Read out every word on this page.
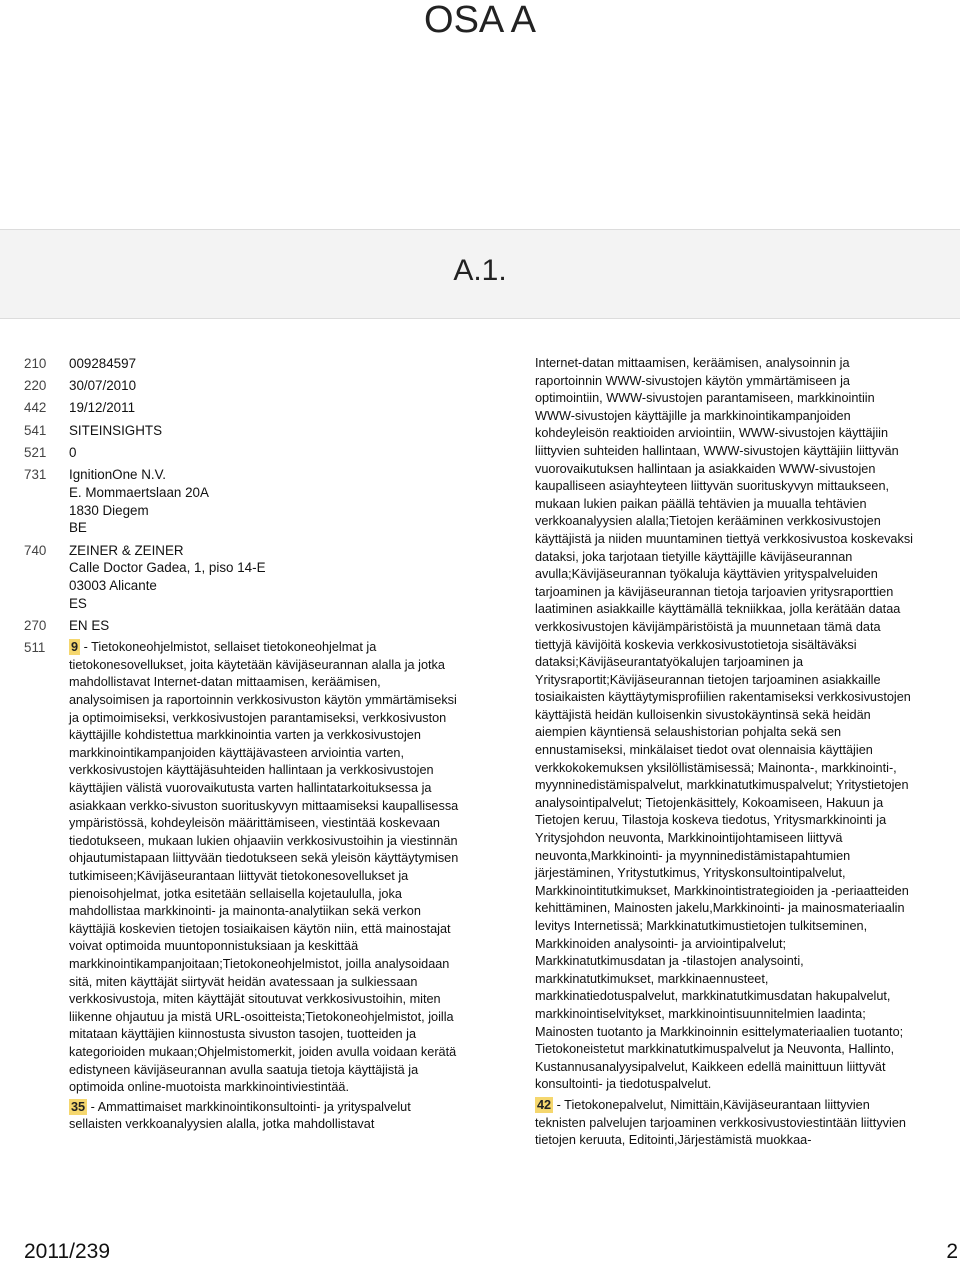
OSA A
A.1.
210	009284597
220	30/07/2010
442	19/12/2011
541	SITEINSIGHTS
521	0
731	IgnitionOne N.V.
E. Mommaertslaan 20A
1830 Diegem
BE
740	ZEINER & ZEINER
Calle Doctor Gadea, 1, piso 14-E
03003 Alicante
ES
270	EN ES
511	9 - Tietokoneohjelmistot, sellaiset tietokoneohjelmat ja tietokonesovellukset, joita käytetään kävijäseurannan alalla ja jotka mahdollistavat Internet-datan mittaamisen, keräämisen, analysoimisen ja raportoinnin verkkosivuston käytön ymmärtämiseksi ja optimoimiseksi, verkkosivustojen parantamiseksi, verkkosivuston käyttäjille kohdistettua markkinointia varten ja verkkosivustojen markkinointikampanjoiden käyttäjävasteen arviointia varten, verkkosivustojen käyttäjäsuhteiden hallintaan ja verkkosivustojen käyttäjien välistä vuorovaikutusta varten hallintatarkoituksessa ja asiakkaan verkko-sivuston suorituskyvyn mittaamiseksi kaupallisessa ympäristössä, kohdeyleisön määrittämiseen, viestintää koskevaan tiedotukseen, mukaan lukien ohjaaviin verkkosivustoihin ja viestinnän ohjautumistapaan liittyvään tiedotukseen sekä yleisön käyttäytymisen tutkimiseen;Kävijäseurantaan liittyvät tietokonesovellukset ja pienoisohjelmat, jotka esitetään sellaisella kojetaululla, joka mahdollistaa markkinointi- ja mainonta-analytiikan sekä verkon käyttäjiä koskevien tietojen tosiaikaisen käytön niin, että mainostajat voivat optimoida muuntoponnistuksiaan ja keskittää markkinointikampanjoitaan;Tietokoneohjelmistot, joilla analysoidaan sitä, miten käyttäjät siirtyvät heidän avatessaan ja sulkiessaan verkkosivustoja, miten käyttäjät sitoutuvat verkkosivustoihin, miten liikenne ohjautuu ja mistä URL-osoitteista;Tietokoneohjelmistot, joilla mitataan käyttäjien kiinnostusta sivuston tasojen, tuotteiden ja kategorioiden mukaan;Ohjelmistomerkit, joiden avulla voidaan kerätä edistyneen kävijäseurannan avulla saatuja tietoja käyttäjistä ja optimoida online-muotoista markkinointiviestintää.
35 - Ammattimaiset markkinointikonsultointi- ja yrityspalvelut sellaisten verkkoanalyysien alalla, jotka mahdollistavat

Internet-datan mittaamisen, keräämisen, analysoinnin ja raportoinnin WWW-sivustojen käytön ymmärtämiseen ja optimointiin, WWW-sivustojen parantamiseen, markkinointiin WWW-sivustojen käyttäjille ja markkinointikampanjoiden kohdeyleisön reaktioiden arviointiin, WWW-sivustojen käyttäjiin liittyvien suhteiden hallintaan, WWW-sivustojen käyttäjiin liittyvän vuorovaikutuksen hallintaan ja asiakkaiden WWW-sivustojen kaupalliseen asiayhteyteen liittyvän suorituskyvyn mittaukseen, mukaan lukien paikan päällä tehtävien ja muualla tehtävien verkkoanalyysien alalla;Tietojen kerääminen verkkosivustojen käyttäjistä ja niiden muuntaminen tiettyä verkkosivustoa koskevaksi dataksi, joka tarjotaan tietyille käyttäjille kävijäseurannan avulla;Kävijäseurannan työkaluja käyttävien yrityspalveluiden tarjoaminen ja kävijäseurannan tietoja tarjoavien yritysraporttien laatiminen asiakkaille käyttämällä tekniikkaa, jolla kerätään dataa verkkosivustojen kävijämpäristöistä ja muunnetaan tämä data tiettyjä kävijöitä koskevia verkkosivustotietoja sisältäväksi dataksi;Kävijäseurantatyökalujen tarjoaminen ja Yritysraportit;Kävijäseurannan tietojen tarjoaminen asiakkaille tosiaikaisten käyttäytymisprofiilien rakentamiseksi verkkosivustojen käyttäjistä heidän kulloisenkin sivustokäyntinsä sekä heidän aiempien käyntiensä selaushistorian pohjalta sekä sen ennustamiseksi, minkälaiset tiedot ovat olennaisia käyttäjien verkkokokemuksen yksilöllistämisessä; Mainonta-, markkinointi-, myynninedistämispalvelut, markkinatutkimuspalvelut; Yritystietojen analysointipalvelut; Tietojenkäsittely, Kokoamiseen, Hakuun ja Tietojen keruu, Tilastoja koskeva tiedotus, Yritysmarkkinointi ja Yritysjohdon neuvonta, Markkinointijohtamiseen liittyvä neuvonta,Markkinointi- ja myynninedistämistapahtumien järjestäminen, Yritystutkimus, Yrityskonsultointipalvelut, Markkinointitutkimukset, Markkinointistrategioiden ja -periaatteiden kehittäminen, Mainosten jakelu,Markkinointi- ja mainosmateriaalin levitys Internetissä; Markkinatutkimustietojen tulkitseminen, Markkinoiden analysointi- ja arviointipalvelut; Markkinatutkimusdatan ja -tilastojen analysointi, markkinatutkimukset, markkinaennusteet, markkinatiedotuspalvelut, markkinatutkimusdatan hakupalvelut, markkinointiselvitykset, markkinointisuunnitelmien laadinta; Mainosten tuotanto ja Markkinoinnin esittelymateriaalien tuotanto; Tietokoneistetut markkinatutkimuspalvelut ja Neuvonta, Hallinto, Kustannusanalyysipalvelut, Kaikkeen edellä mainittuun liittyvät konsultointi- ja tiedotuspalvelut.

42 - Tietokonepalvelut, Nimittäin,Kävijäseurantaan liittyvien teknisten palvelujen tarjoaminen verkkosivustoviestintään liittyvien tietojen keruuta, Editointi,Järjestämistä muokkaa-

2011/239	2
